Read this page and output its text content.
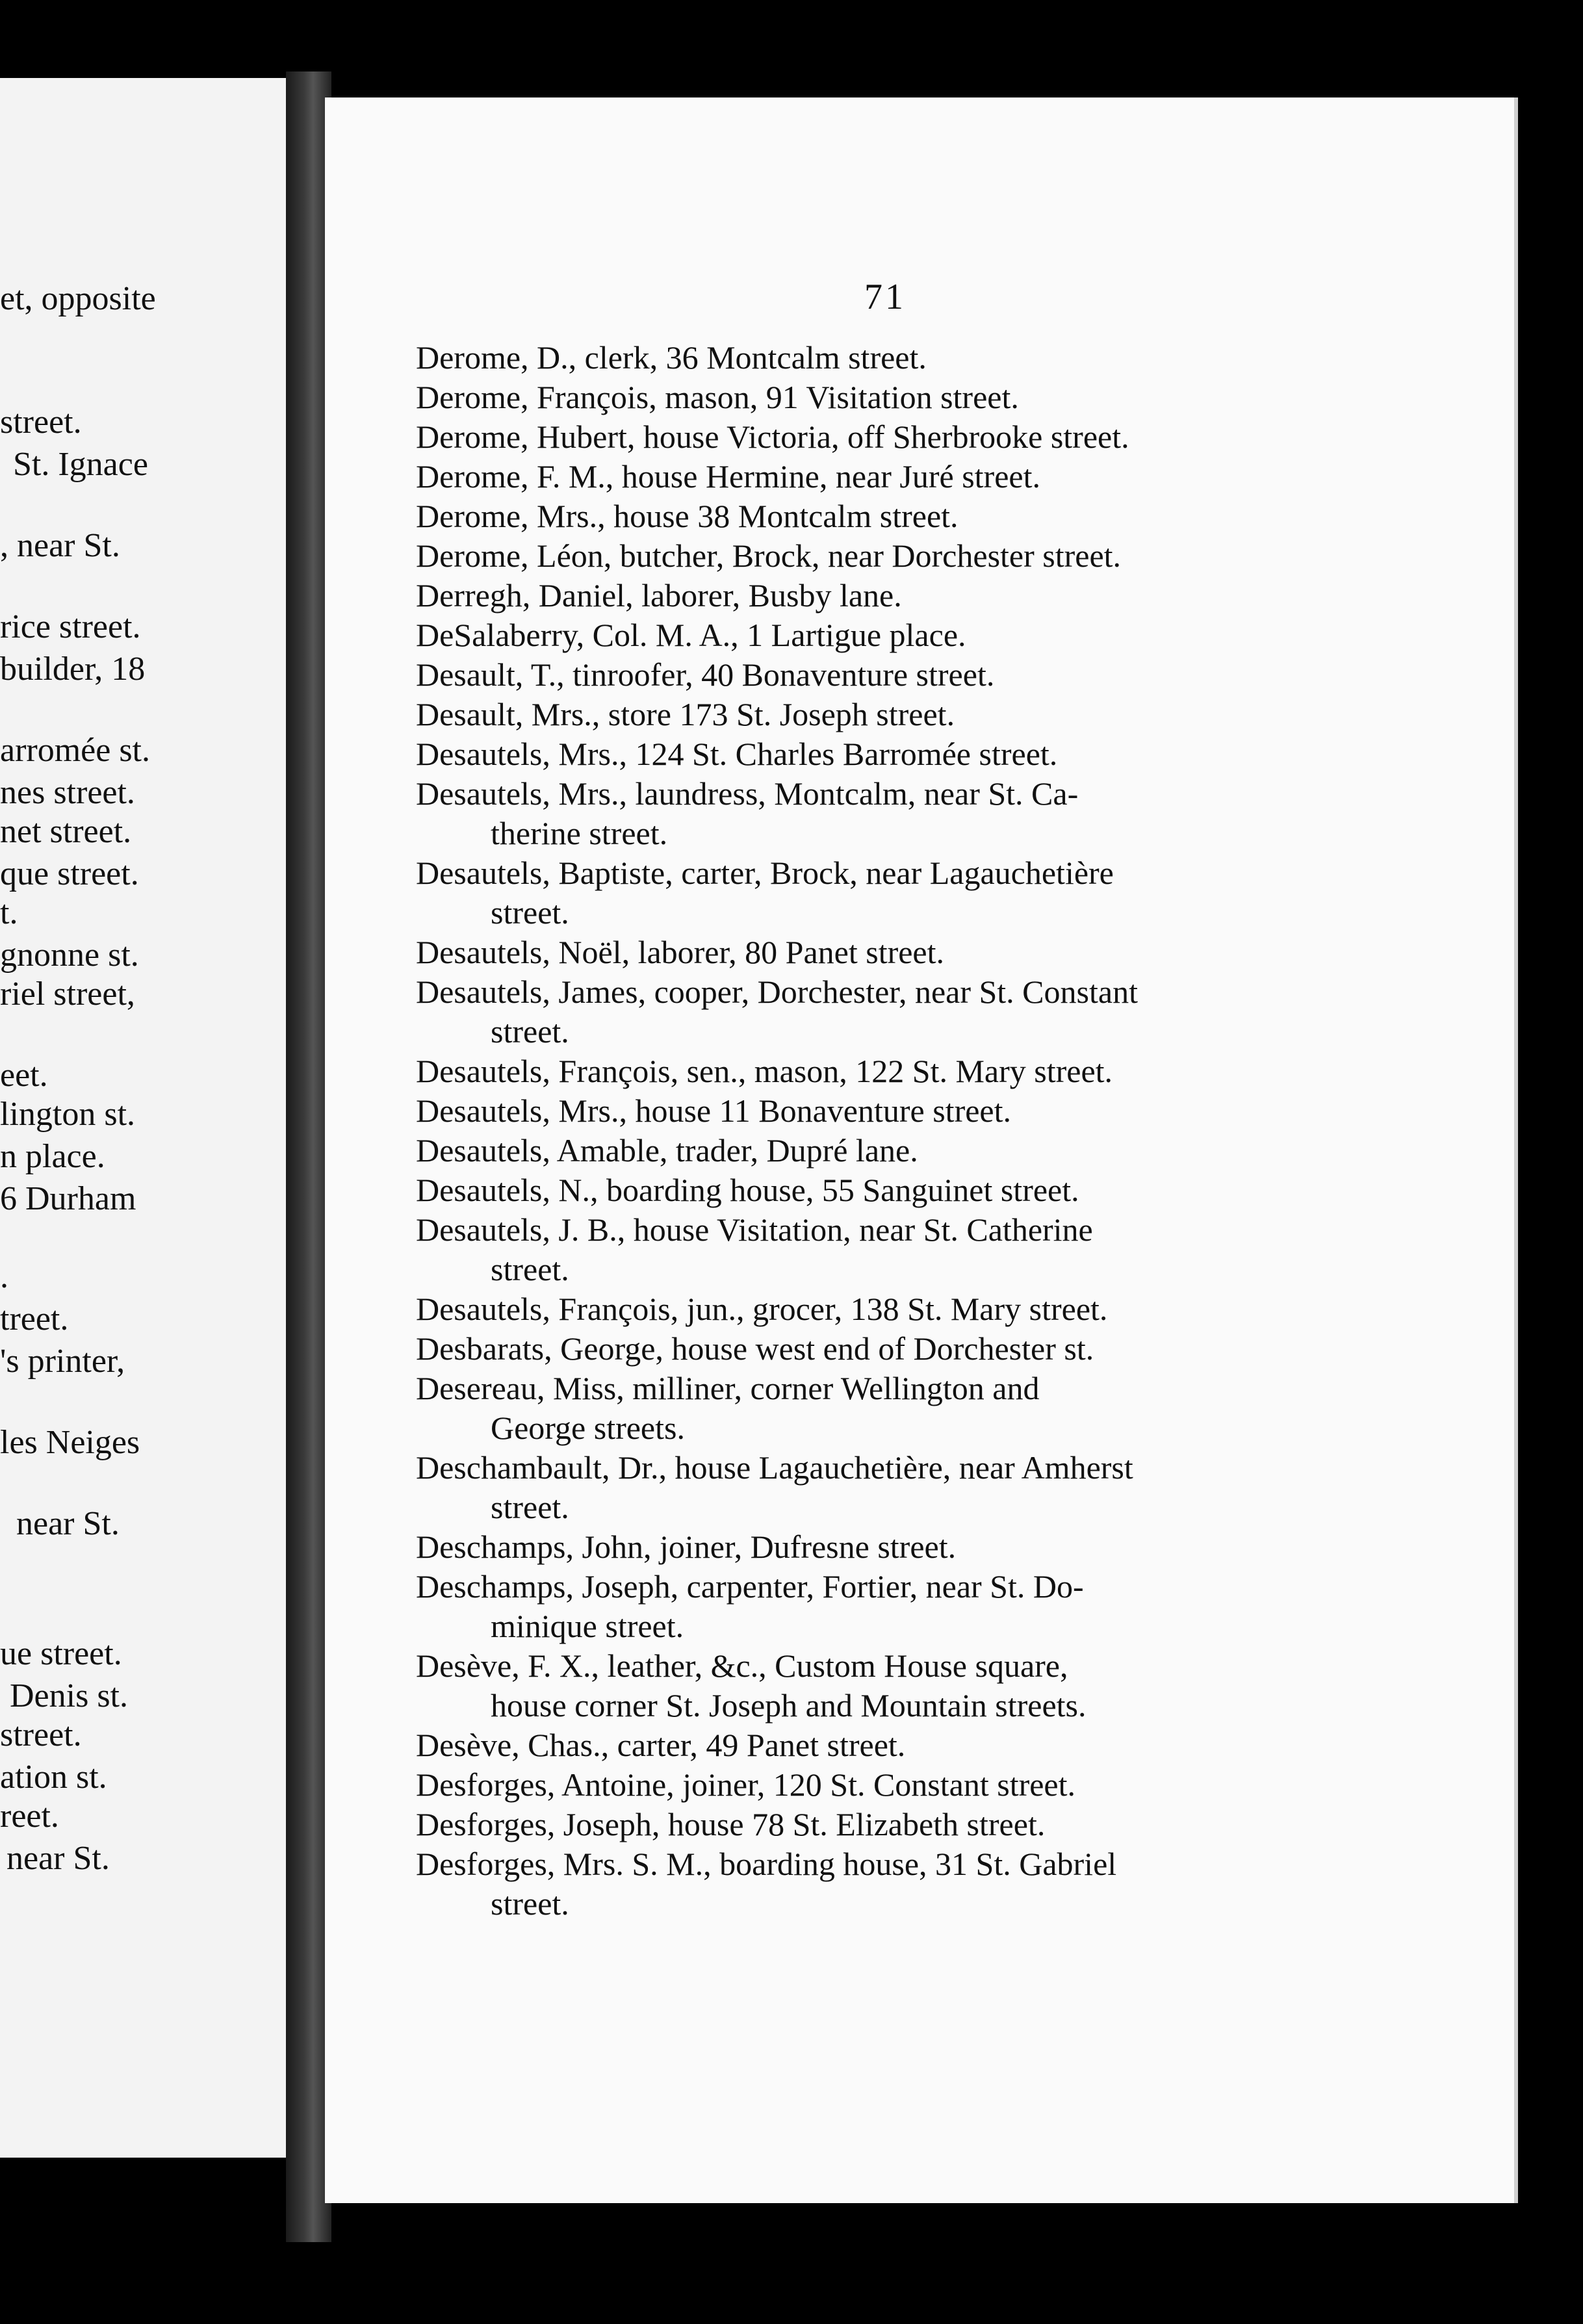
et, opposite
street.
St. Ignace
, near St.
rice street.
builder, 18
arromée st.
nes street.
net street.
que street.
t.
gnonne st.
riel street,
eet.
lington st.
n place.
6 Durham
.
treet.
's printer,
les Neiges
near St.
ue street.
Denis st.
street.
ation st.
reet.
near St.
71
Derome, D., clerk, 36 Montcalm street.
Derome, François, mason, 91 Visitation street.
Derome, Hubert, house Victoria, off Sherbrooke street.
Derome, F. M., house Hermine, near Juré street.
Derome, Mrs., house 38 Montcalm street.
Derome, Léon, butcher, Brock, near Dorchester street.
Derregh, Daniel, laborer, Busby lane.
DeSalaberry, Col. M. A., 1 Lartigue place.
Desault, T., tinroofer, 40 Bonaventure street.
Desault, Mrs., store 173 St. Joseph street.
Desautels, Mrs., 124 St. Charles Barromée street.
Desautels, Mrs., laundress, Montcalm, near St. Ca-
therine street.
Desautels, Baptiste, carter, Brock, near Lagauchetière
street.
Desautels, Noël, laborer, 80 Panet street.
Desautels, James, cooper, Dorchester, near St. Constant
street.
Desautels, François, sen., mason, 122 St. Mary street.
Desautels, Mrs., house 11 Bonaventure street.
Desautels, Amable, trader, Dupré lane.
Desautels, N., boarding house, 55 Sanguinet street.
Desautels, J. B., house Visitation, near St. Catherine
street.
Desautels, François, jun., grocer, 138 St. Mary street.
Desbarats, George, house west end of Dorchester st.
Desereau, Miss, milliner, corner Wellington and
George streets.
Deschambault, Dr., house Lagauchetière, near Amherst
street.
Deschamps, John, joiner, Dufresne street.
Deschamps, Joseph, carpenter, Fortier, near St. Do-
minique street.
Desève, F. X., leather, &c., Custom House square,
house corner St. Joseph and Mountain streets.
Desève, Chas., carter, 49 Panet street.
Desforges, Antoine, joiner, 120 St. Constant street.
Desforges, Joseph, house 78 St. Elizabeth street.
Desforges, Mrs. S. M., boarding house, 31 St. Gabriel
street.
